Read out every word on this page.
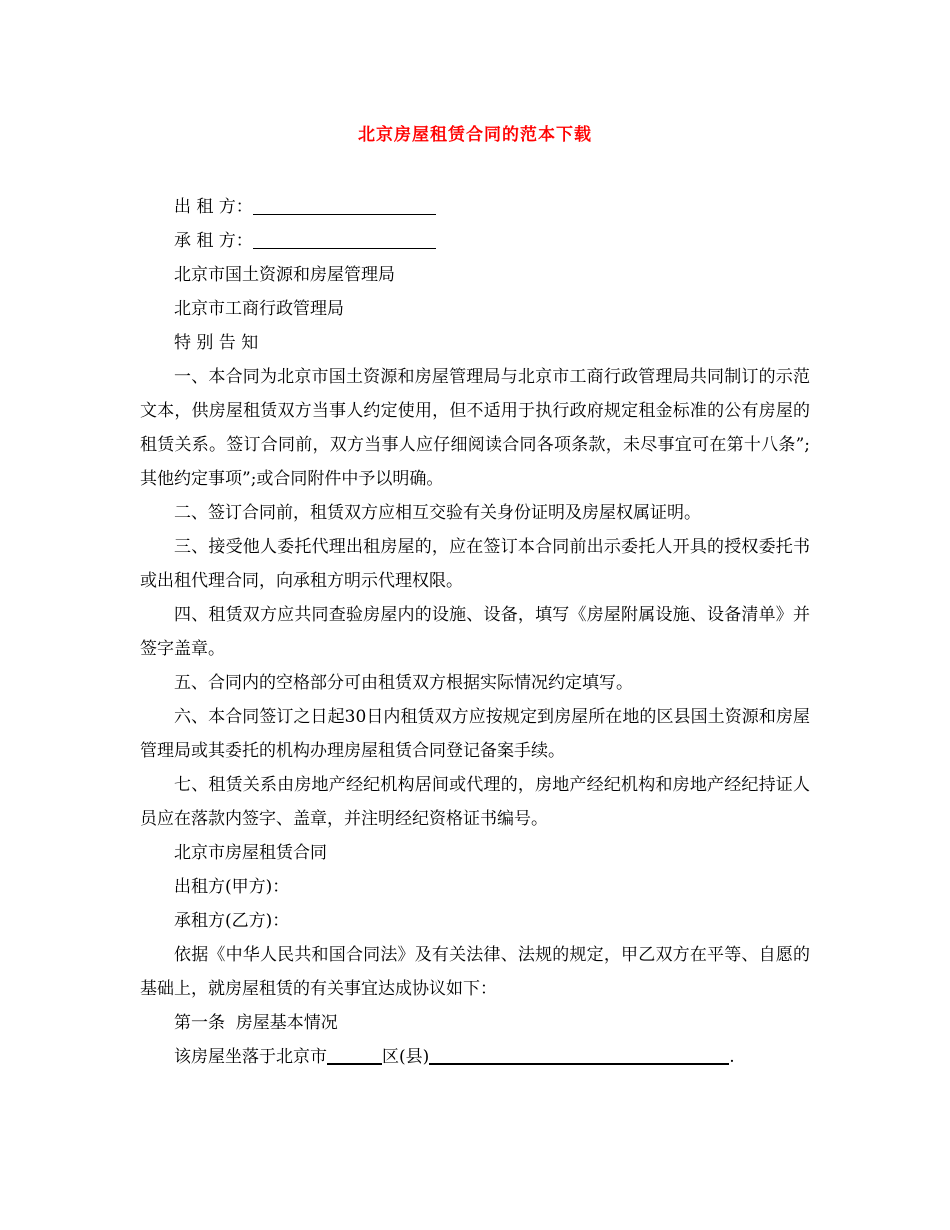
北京房屋租赁合同的范本下载

出 租 方：

承 租 方：

北京市国土资源和房屋管理局

北京市工商行政管理局

特 别 告 知

一、本合同为北京市国土资源和房屋管理局与北京市工商行政管理局共同制订的示范文本，供房屋租赁双方当事人约定使用，但不适用于执行政府规定租金标准的公有房屋的租赁关系。签订合同前，双方当事人应仔细阅读合同各项条款，未尽事宜可在第十八条”;其他约定事项”;或合同附件中予以明确。

二、签订合同前，租赁双方应相互交验有关身份证明及房屋权属证明。

三、接受他人委托代理出租房屋的，应在签订本合同前出示委托人开具的授权委托书或出租代理合同，向承租方明示代理权限。

四、租赁双方应共同查验房屋内的设施、设备，填写《房屋附属设施、设备清单》并签字盖章。

五、合同内的空格部分可由租赁双方根据实际情况约定填写。

六、本合同签订之日起30日内租赁双方应按规定到房屋所在地的区县国土资源和房屋管理局或其委托的机构办理房屋租赁合同登记备案手续。

七、租赁关系由房地产经纪机构居间或代理的，房地产经纪机构和房地产经纪持证人员应在落款内签字、盖章，并注明经纪资格证书编号。

北京市房屋租赁合同

出租方(甲方)：

承租方(乙方)：

依据《中华人民共和国合同法》及有关法律、法规的规定，甲乙双方在平等、自愿的基础上，就房屋租赁的有关事宜达成协议如下：

第一条  房屋基本情况

该房屋坐落于北京市	区(县)	.
